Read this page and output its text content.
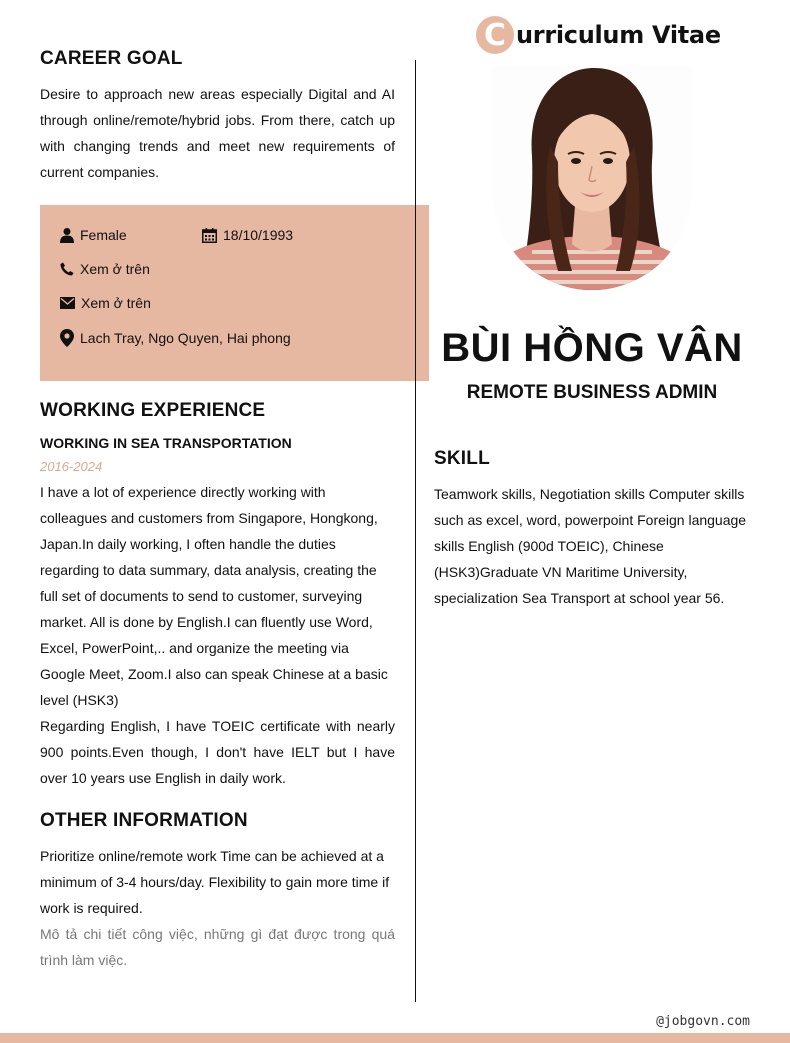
CAREER GOAL

Desire to approach new areas especially Digital and AI through online/remote/hybrid jobs. From there, catch up with changing trends and meet new requirements of current companies.

Female	18/10/1993
Xem ở trên
Xem ở trên
Lach Tray, Ngo Quyen, Hai phong
WORKING EXPERIENCE
WORKING IN SEA TRANSPORTATION
2016-2024

I have a lot of experience directly working with colleagues and customers from Singapore, Hongkong, Japan.In daily working, I often handle the duties regarding to data summary, data analysis, creating the full set of documents to send to customer, surveying market. All is done by English.I can fluently use Word, Excel, PowerPoint,.. and organize the meeting via Google Meet, Zoom.I also can speak Chinese at a basic level (HSK3)

Regarding English, I have TOEIC certificate with nearly 900 points.Even though, I don't have IELT but I have over 10 years use English in daily work.

OTHER INFORMATION

Prioritize online/remote work Time can be achieved at a minimum of 3-4 hours/day. Flexibility to gain more time if work is required.

Mô tả chi tiết công việc, những gì đạt được trong quá trình làm việc.

C urriculum Vitae
BÙI HỒNG VÂN
REMOTE BUSINESS ADMIN
SKILL

Teamwork skills, Negotiation skills Computer skills such as excel, word, powerpoint Foreign language skills English (900d TOEIC), Chinese (HSK3)Graduate VN Maritime University, specialization Sea Transport at school year 56.

@jobgovn.com
